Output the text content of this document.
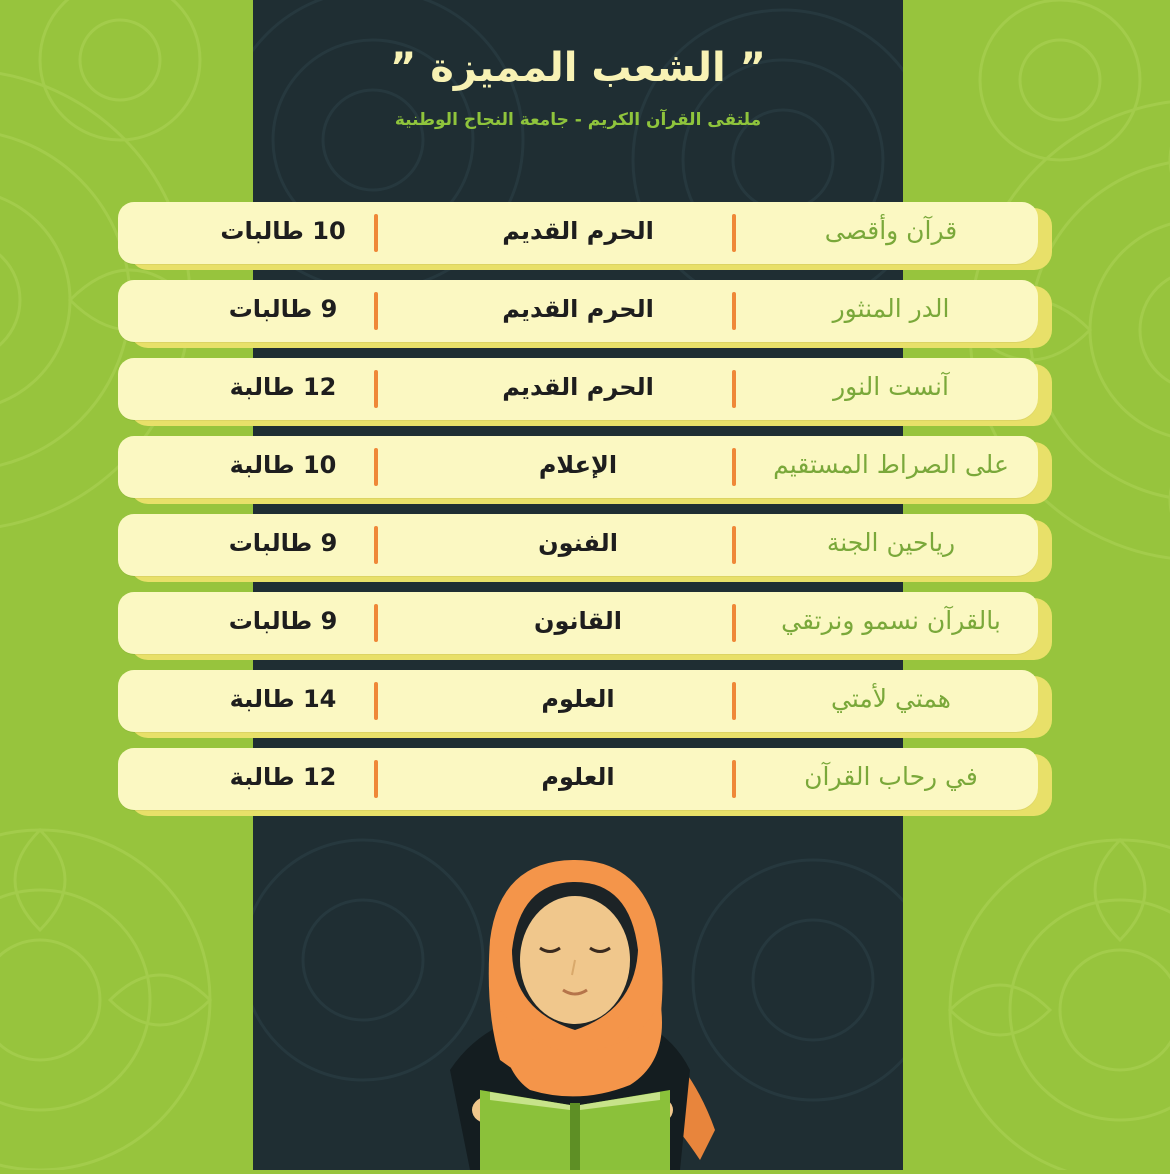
” الشعب المميزة ”
ملتقى القرآن الكريم - جامعة النجاح الوطنية
10 طالبات	الحرم القديم	قرآن وأقصى
9 طالبات	الحرم القديم	الدر المنثور
12 طالبة	الحرم القديم	آنست النور
10 طالبة	الإعلام	على الصراط المستقيم
9 طالبات	الفنون	رياحين الجنة
9 طالبات	القانون	بالقرآن نسمو ونرتقي
14 طالبة	العلوم	همتي لأمتي
12 طالبة	العلوم	في رحاب القرآن
